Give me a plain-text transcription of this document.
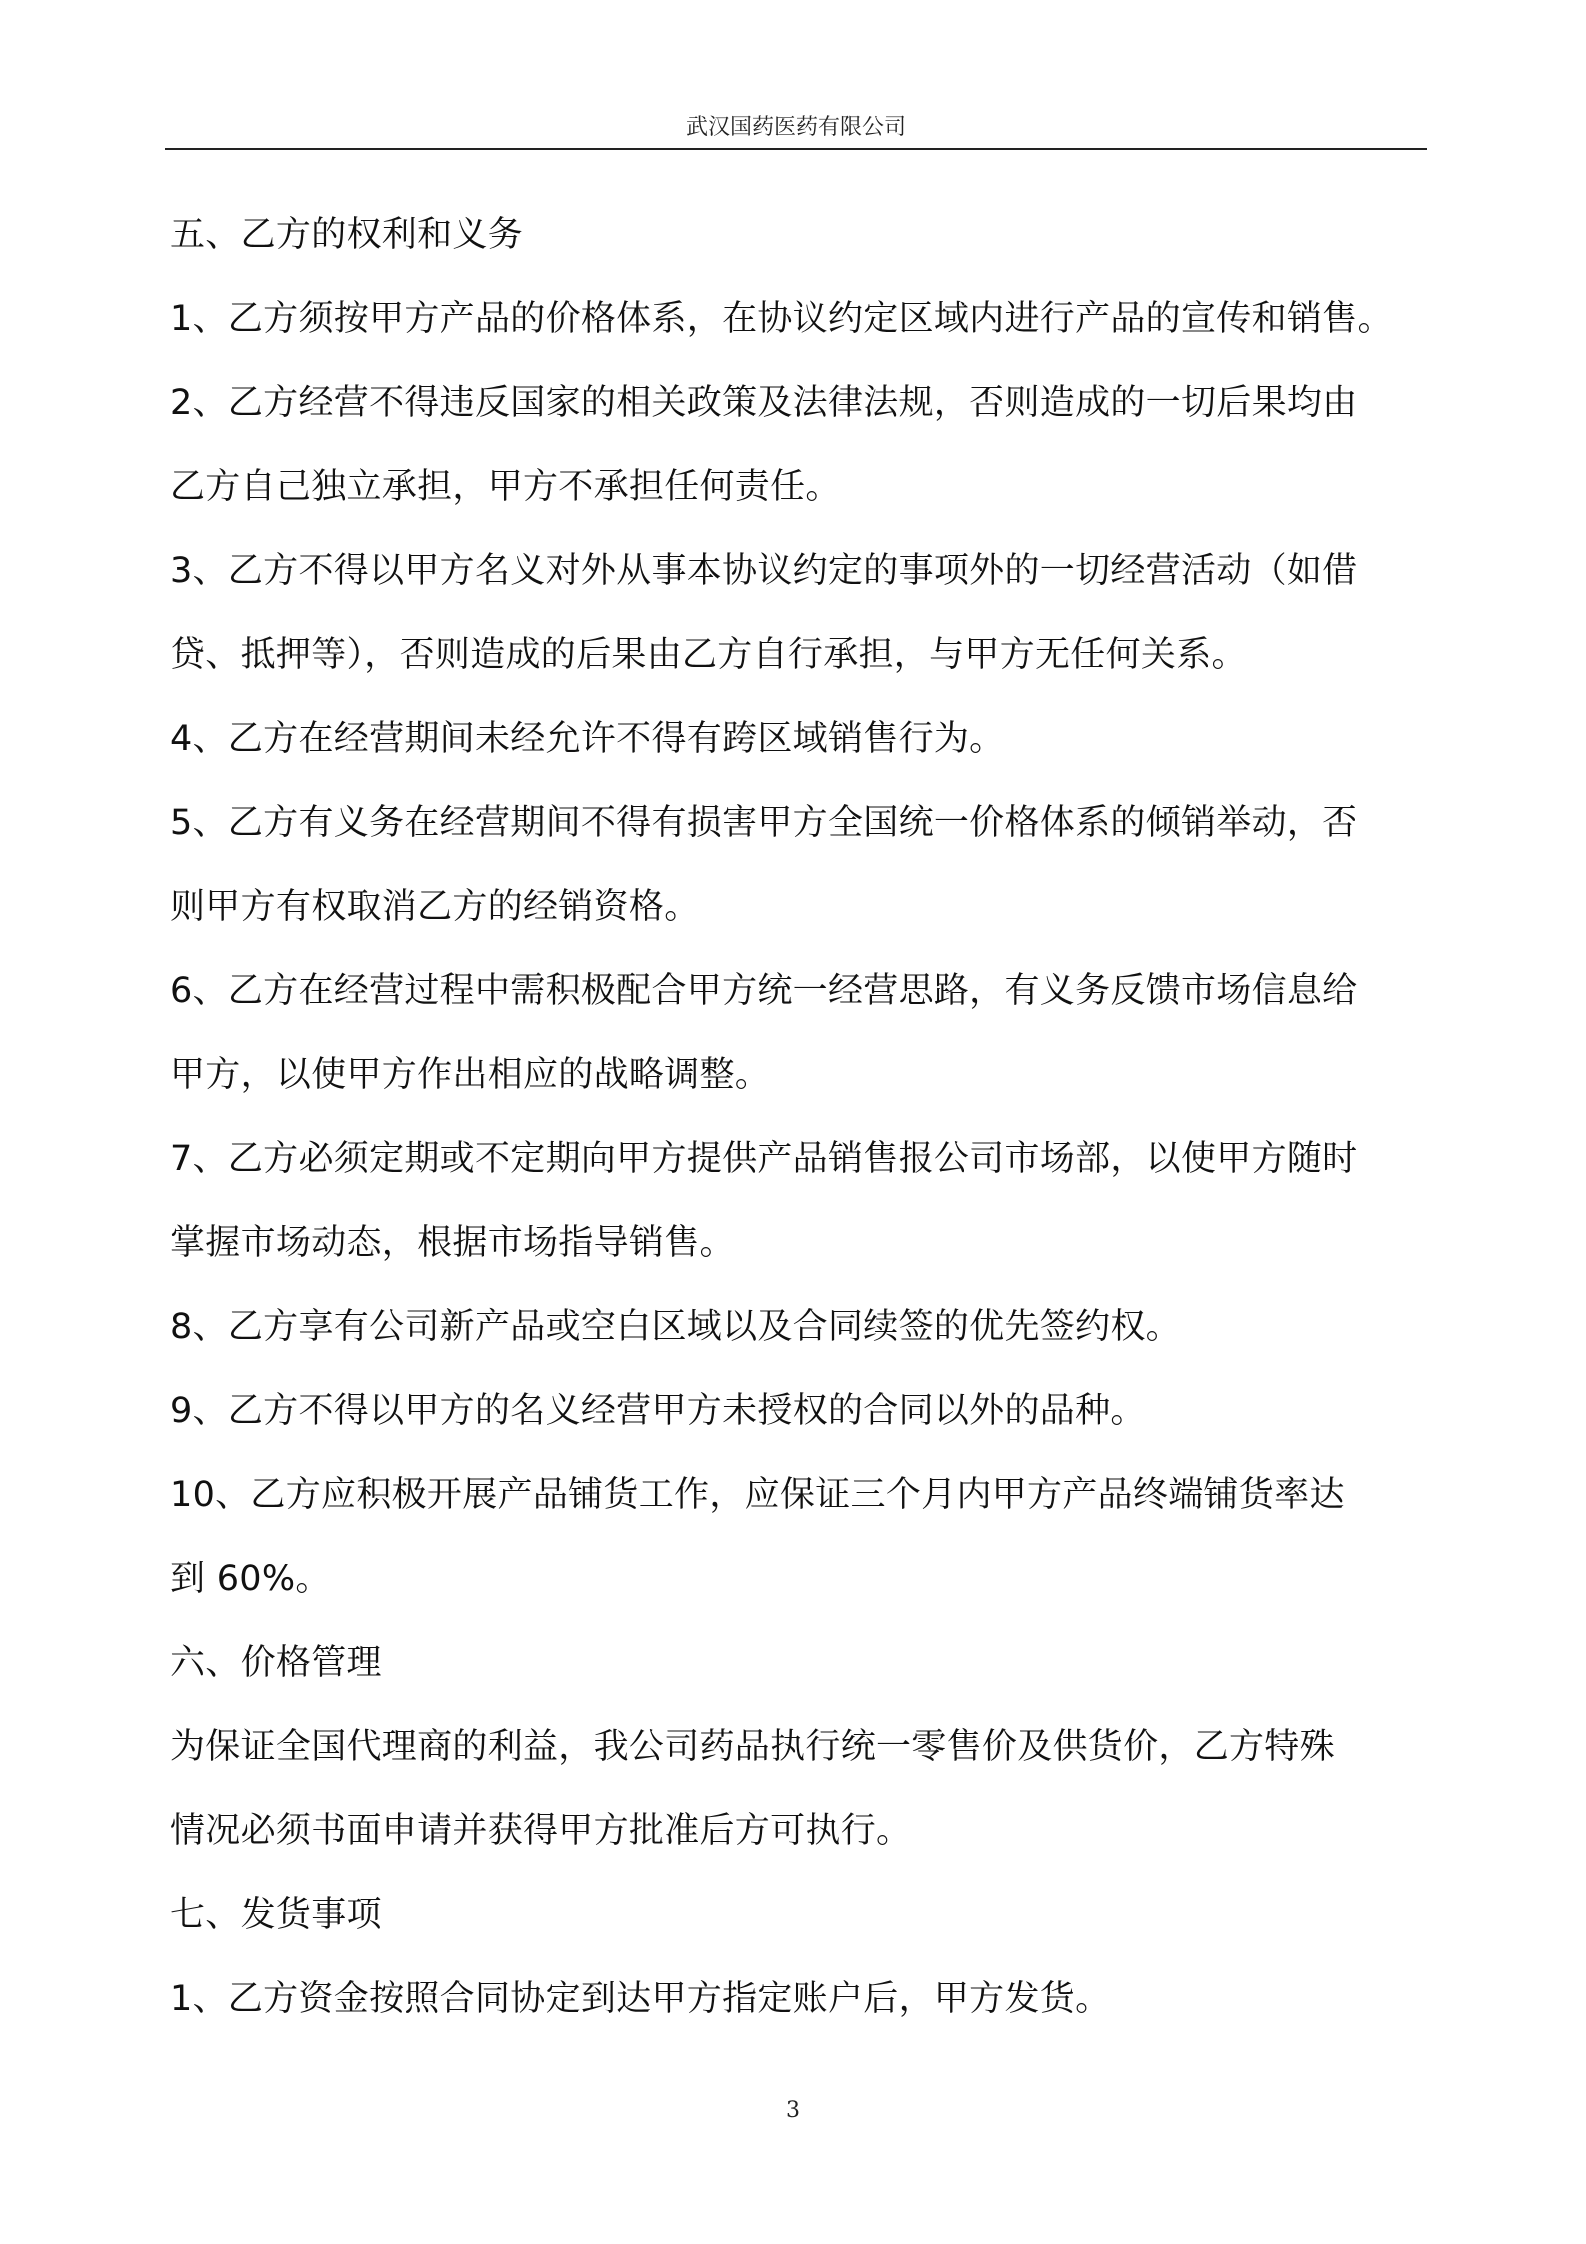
武汉国药医药有限公司
五、乙方的权利和义务
1、乙方须按甲方产品的价格体系，在协议约定区域内进行产品的宣传和销售。
2、乙方经营不得违反国家的相关政策及法律法规，否则造成的一切后果均由
乙方自己独立承担，甲方不承担任何责任。
3、乙方不得以甲方名义对外从事本协议约定的事项外的一切经营活动（如借
贷、抵押等），否则造成的后果由乙方自行承担，与甲方无任何关系。
4、乙方在经营期间未经允许不得有跨区域销售行为。
5、乙方有义务在经营期间不得有损害甲方全国统一价格体系的倾销举动，否
则甲方有权取消乙方的经销资格。
6、乙方在经营过程中需积极配合甲方统一经营思路，有义务反馈市场信息给
甲方，以使甲方作出相应的战略调整。
7、乙方必须定期或不定期向甲方提供产品销售报公司市场部，以使甲方随时
掌握市场动态，根据市场指导销售。
8、乙方享有公司新产品或空白区域以及合同续签的优先签约权。
9、乙方不得以甲方的名义经营甲方未授权的合同以外的品种。
10、乙方应积极开展产品铺货工作，应保证三个月内甲方产品终端铺货率达
到 60%。
六、价格管理
为保证全国代理商的利益，我公司药品执行统一零售价及供货价，乙方特殊
情况必须书面申请并获得甲方批准后方可执行。
七、发货事项
1、乙方资金按照合同协定到达甲方指定账户后，甲方发货。
3
